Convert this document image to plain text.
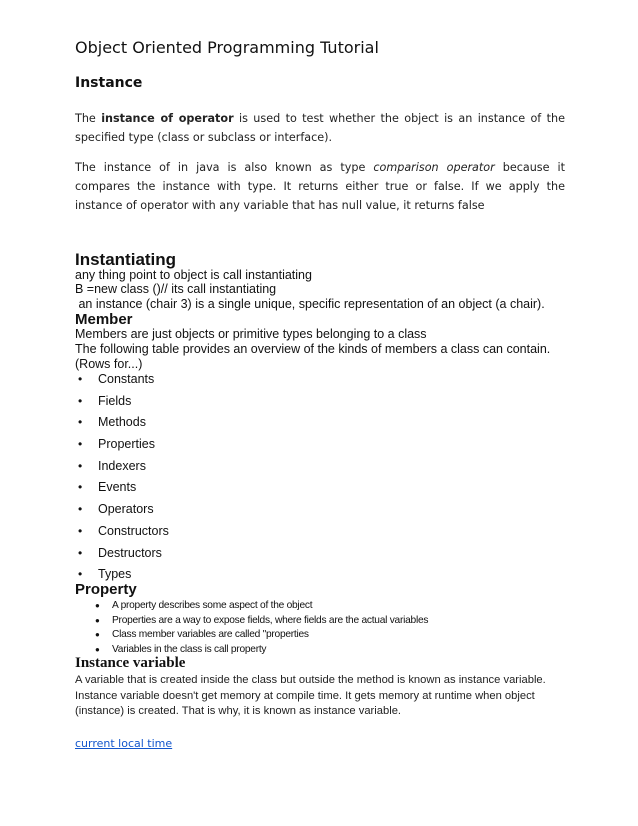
Object Oriented Programming Tutorial
Instance
The instance of operator is used to test whether the object is an instance of the specified type (class or subclass or interface).
The instance of in java is also known as type comparison operator because it compares the instance with type. It returns either true or false. If we apply the instance of operator with any variable that has null value, it returns false
Instantiating
any thing point to object is call instantiating
B =new class ()// its call instantiating
an instance (chair 3) is a single unique, specific representation of an object (a chair).
Member
Members are just objects or primitive types belonging to a class
The following table provides an overview of the kinds of members a class can contain.
(Rows for...)
• Constants
• Fields
• Methods
• Properties
• Indexers
• Events
• Operators
• Constructors
• Destructors
• Types
Property
● A property describes some aspect of the object
● Properties are a way to expose fields, where fields are the actual variables
● Class member variables are called "properties
● Variables in the class is call property
Instance variable
A variable that is created inside the class but outside the method is known as instance variable. Instance variable doesn't get memory at compile time. It gets memory at runtime when object (instance) is created. That is why, it is known as instance variable.
current local time
